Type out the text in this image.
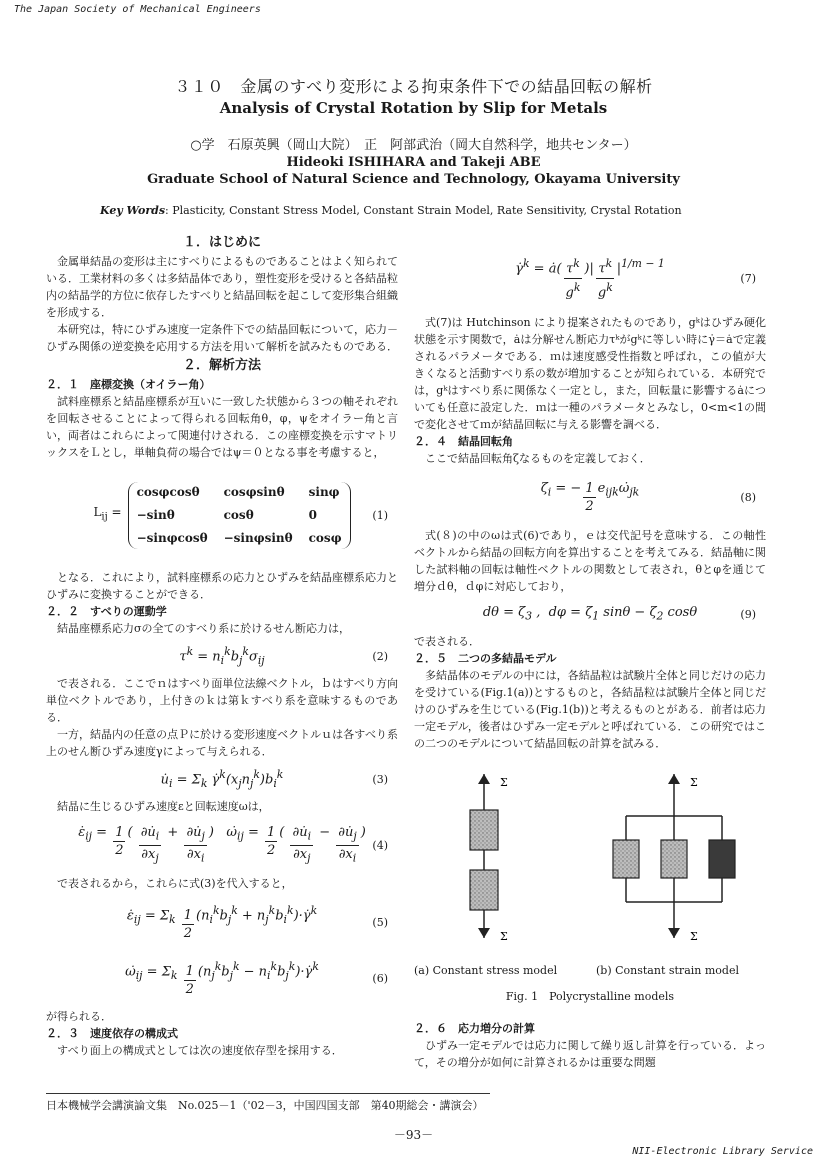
The Japan Society of Mechanical Engineers
３１０　金属のすべり変形による拘束条件下での結晶回転の解析
Analysis of Crystal Rotation by Slip for Metals
○学　石原英興（岡山大院）　正　阿部武治（岡大自然科学，地共センター）
Hideoki ISHIHARA and Takeji ABE
Graduate School of Natural Science and Technology, Okayama University
Key Words: Plasticity, Constant Stress Model, Constant Strain Model, Rate Sensitivity, Crystal Rotation
１．はじめに
金属単結晶の変形は主にすべりによるものであることはよく知られている．工業材料の多くは多結晶体であり，塑性変形を受けると各結晶粒内の結晶学的方位に依存したすべりと結晶回転を起こして変形集合組織を形成する．
本研究は，特にひずみ速度一定条件下での結晶回転について，応力－ひずみ関係の逆変換を応用する方法を用いて解析を試みたものである．
２．解析方法
２．１　座標変換（オイラー角）
試料座標系と結晶座標系が互いに一致した状態から３つの軸それぞれを回転させることによって得られる回転角θ，φ，ψをオイラー角と言い，両者はこれらによって関連付けされる．この座標変換を示すマトリックスをＬとし，単軸負荷の場合ではψ＝０となる事を考慮すると，
$L_{ij}$ =
cosφcosθ	cosφsinθ	sinφ
−sinθ	cosθ	0
−sinφcosθ −sinφsinθ cosφ
(1)
となる．これにより，試料座標系の応力とひずみを結晶座標系応力とひずみに変換することができる．
２．２　すべりの運動学
結晶座標系応力σの全てのすべり系に於けるせん断応力は，
$\tau^k = n_i^kb_j^k\sigma_{ij}$	(2)
で表される．ここでｎはすべり面単位法線ベクトル，ｂはすべり方向単位ベクトルであり，上付きのｋは第ｋすべり系を意味するものである．
一方，結晶内の任意の点Ｐに於ける変形速度ベクトルｕは各すべり系上のせん断ひずみ速度γによって与えられる．
$u̇_i = \Sigma_k$ $\gammȧ^k(x_jn_j^k)b_i^k$	(3)
結晶に生じるひずみ速度εと回転速度ωは，
$\varepsiloṅ_{ij} = \frac{1}{2}$ ( $\frac{\partial u̇_i}{\partial x_j} + \frac{\partial u̇_j}{\partial x_i}$ )   $\omegȧ_{ij} = \frac{1}{2}$ ( $\frac{\partial u̇_i}{\partial x_j} - \frac{\partial u̇_j}{\partial x_i}$ )
(4)
で表されるから，これらに式(3)を代入すると，
$\varepsiloṅ_{ij} = \Sigma_k \frac{1}{2} (n_i^kb_j^k$ + $n_j^kb_i^k)\cdot\gammȧ^k$
(5)
$\omegȧ_{ij} = \Sigma_k \frac{1}{2} (n_j^kb_j^k$ − $n_i^kb_j^k)\cdot\gammȧ^k$
(6)
が得られる．
２．３　速度依存の構成式
すべり面上の構成式としては次の速度依存型を採用する．
γ̇$^k$ = ȧ( $\frac{\tau^k}{g^k}$ )| $\frac{\tau^k}{g^k} |^{1/m - 1}$
(7)
式(7)は Hutchinson により提案されたものであり，gᵏはひずみ硬化状態を示す関数で，ȧは分解せん断応力τᵏがgᵏに等しい時にγ̇＝ȧで定義されるパラメータである．ｍは速度感受性指数と呼ばれ，この値が大きくなると活動すべり系の数が増加することが知られている．本研究では，gᵏはすべり系に関係なく一定とし，また，回転量に影響するȧについても任意に設定した．ｍは一種のパラメータとみなし，0<m<1の間で変化させてｍが結晶回転に与える影響を調べる．
２．４　結晶回転角
ここで結晶回転角ζなるものを定義しておく．
$\zeta_i$ = − $\frac{1}{2}$ $e_{ijk}\omegȧ_{jk}$	(8)
式(８)の中のωは式(6)であり，ｅは交代記号を意味する．この軸性ベクトルから結晶の回転方向を算出することを考えてみる．結晶軸に関した試料軸の回転は軸性ベクトルの関数として表され，θとφを通じて増分ｄθ，ｄφに対応しており，
$d\theta = \zeta_3$ ,  $d\varphi = \zeta_1$ $\sin\theta - \zeta_2$ cosθ	(9)
で表される．
２．５　二つの多結晶モデル
多結晶体のモデルの中には，各結晶粒は試験片全体と同じだけの応力を受けている(Fig.1(a))とするものと，各結晶粒は試験片全体と同じだけのひずみを生じている(Fig.1(b))と考えるものとがある．前者は応力一定モデル，後者はひずみ一定モデルと呼ばれている．この研究ではこの二つのモデルについて結晶回転の計算を試みる．
Σ
Σ
Σ
Σ
(a) Constant stress model	(b) Constant strain model
Fig. 1　Polycrystalline models
２．６　応力増分の計算
ひずみ一定モデルでは応力に関して繰り返し計算を行っている．よって，その増分が如何に計算されるかは重要な問題
日本機械学会講演論文集　No.025－1（'02－3，中国四国支部　第40期総会・講演会）
－93－
NII-Electronic Library Service
